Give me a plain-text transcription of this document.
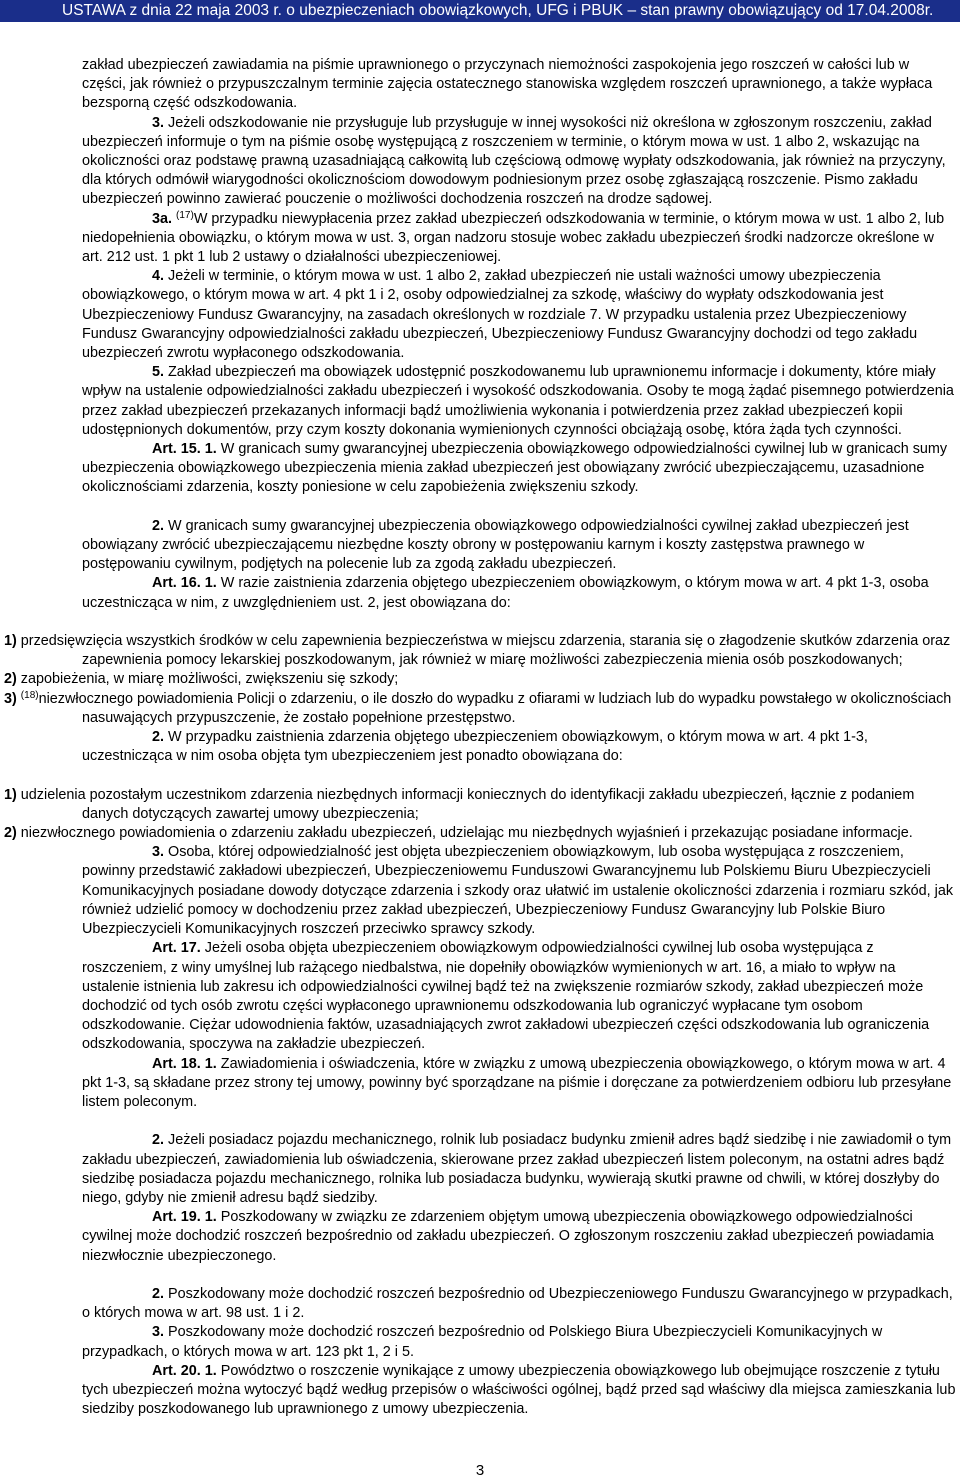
USTAWA z dnia 22 maja 2003 r. o ubezpieczeniach obowiązkowych, UFG i PBUK – stan prawny obowiązujący od 17.04.2008r.
zakład ubezpieczeń zawiadamia na piśmie uprawnionego o przyczynach niemożności zaspokojenia jego roszczeń w całości lub w części, jak również o przypuszczalnym terminie zajęcia ostatecznego stanowiska względem roszczeń uprawnionego, a także wypłaca bezsporną część odszkodowania.
3. Jeżeli odszkodowanie nie przysługuje lub przysługuje w innej wysokości niż określona w zgłoszonym roszczeniu, zakład ubezpieczeń informuje o tym na piśmie osobę występującą z roszczeniem w terminie, o którym mowa w ust. 1 albo 2, wskazując na okoliczności oraz podstawę prawną uzasadniającą całkowitą lub częściową odmowę wypłaty odszkodowania, jak również na przyczyny, dla których odmówił wiarygodności okolicznościom dowodowym podniesionym przez osobę zgłaszającą roszczenie. Pismo zakładu ubezpieczeń powinno zawierać pouczenie o możliwości dochodzenia roszczeń na drodze sądowej.
3a. $^{(17)}$W przypadku niewypłacenia przez zakład ubezpieczeń odszkodowania w terminie, o którym mowa w ust. 1 albo 2, lub niedopełnienia obowiązku, o którym mowa w ust. 3, organ nadzoru stosuje wobec zakładu ubezpieczeń środki nadzorcze określone w art. 212 ust. 1 pkt 1 lub 2 ustawy o działalności ubezpieczeniowej.
4. Jeżeli w terminie, o którym mowa w ust. 1 albo 2, zakład ubezpieczeń nie ustali ważności umowy ubezpieczenia obowiązkowego, o którym mowa w art. 4 pkt 1 i 2, osoby odpowiedzialnej za szkodę, właściwy do wypłaty odszkodowania jest Ubezpieczeniowy Fundusz Gwarancyjny, na zasadach określonych w rozdziale 7. W przypadku ustalenia przez Ubezpieczeniowy Fundusz Gwarancyjny odpowiedzialności zakładu ubezpieczeń, Ubezpieczeniowy Fundusz Gwarancyjny dochodzi od tego zakładu ubezpieczeń zwrotu wypłaconego odszkodowania.
5. Zakład ubezpieczeń ma obowiązek udostępnić poszkodowanemu lub uprawnionemu informacje i dokumenty, które miały wpływ na ustalenie odpowiedzialności zakładu ubezpieczeń i wysokość odszkodowania. Osoby te mogą żądać pisemnego potwierdzenia przez zakład ubezpieczeń przekazanych informacji bądź umożliwienia wykonania i potwierdzenia przez zakład ubezpieczeń kopii udostępnionych dokumentów, przy czym koszty dokonania wymienionych czynności obciążają osobę, która żąda tych czynności.
Art. 15. 1. W granicach sumy gwarancyjnej ubezpieczenia obowiązkowego odpowiedzialności cywilnej lub w granicach sumy ubezpieczenia obowiązkowego ubezpieczenia mienia zakład ubezpieczeń jest obowiązany zwrócić ubezpieczającemu, uzasadnione okolicznościami zdarzenia, koszty poniesione w celu zapobieżenia zwiększeniu szkody.
2. W granicach sumy gwarancyjnej ubezpieczenia obowiązkowego odpowiedzialności cywilnej zakład ubezpieczeń jest obowiązany zwrócić ubezpieczającemu niezbędne koszty obrony w postępowaniu karnym i koszty zastępstwa prawnego w postępowaniu cywilnym, podjętych na polecenie lub za zgodą zakładu ubezpieczeń.
Art. 16. 1. W razie zaistnienia zdarzenia objętego ubezpieczeniem obowiązkowym, o którym mowa w art. 4 pkt 1-3, osoba uczestnicząca w nim, z uwzględnieniem ust. 2, jest obowiązana do:
1) przedsięwzięcia wszystkich środków w celu zapewnienia bezpieczeństwa w miejscu zdarzenia, starania się o złagodzenie skutków zdarzenia oraz zapewnienia pomocy lekarskiej poszkodowanym, jak również w miarę możliwości zabezpieczenia mienia osób poszkodowanych;
2) zapobieżenia, w miarę możliwości, zwiększeniu się szkody;
3) $^{(18)}$niezwłocznego powiadomienia Policji o zdarzeniu, o ile doszło do wypadku z ofiarami w ludziach lub do wypadku powstałego w okolicznościach nasuwających przypuszczenie, że zostało popełnione przestępstwo.
2. W przypadku zaistnienia zdarzenia objętego ubezpieczeniem obowiązkowym, o którym mowa w art. 4 pkt 1-3, uczestnicząca w nim osoba objęta tym ubezpieczeniem jest ponadto obowiązana do:
1) udzielenia pozostałym uczestnikom zdarzenia niezbędnych informacji koniecznych do identyfikacji zakładu ubezpieczeń, łącznie z podaniem danych dotyczących zawartej umowy ubezpieczenia;
2) niezwłocznego powiadomienia o zdarzeniu zakładu ubezpieczeń, udzielając mu niezbędnych wyjaśnień i przekazując posiadane informacje.
3. Osoba, której odpowiedzialność jest objęta ubezpieczeniem obowiązkowym, lub osoba występująca z roszczeniem, powinny przedstawić zakładowi ubezpieczeń, Ubezpieczeniowemu Funduszowi Gwarancyjnemu lub Polskiemu Biuru Ubezpieczycieli Komunikacyjnych posiadane dowody dotyczące zdarzenia i szkody oraz ułatwić im ustalenie okoliczności zdarzenia i rozmiaru szkód, jak również udzielić pomocy w dochodzeniu przez zakład ubezpieczeń, Ubezpieczeniowy Fundusz Gwarancyjny lub Polskie Biuro Ubezpieczycieli Komunikacyjnych roszczeń przeciwko sprawcy szkody.
Art. 17. Jeżeli osoba objęta ubezpieczeniem obowiązkowym odpowiedzialności cywilnej lub osoba występująca z roszczeniem, z winy umyślnej lub rażącego niedbalstwa, nie dopełniły obowiązków wymienionych w art. 16, a miało to wpływ na ustalenie istnienia lub zakresu ich odpowiedzialności cywilnej bądź też na zwiększenie rozmiarów szkody, zakład ubezpieczeń może dochodzić od tych osób zwrotu części wypłaconego uprawnionemu odszkodowania lub ograniczyć wypłacane tym osobom odszkodowanie. Ciężar udowodnienia faktów, uzasadniających zwrot zakładowi ubezpieczeń części odszkodowania lub ograniczenia odszkodowania, spoczywa na zakładzie ubezpieczeń.
Art. 18. 1. Zawiadomienia i oświadczenia, które w związku z umową ubezpieczenia obowiązkowego, o którym mowa w art. 4 pkt 1-3, są składane przez strony tej umowy, powinny być sporządzane na piśmie i doręczane za potwierdzeniem odbioru lub przesyłane listem poleconym.
2. Jeżeli posiadacz pojazdu mechanicznego, rolnik lub posiadacz budynku zmienił adres bądź siedzibę i nie zawiadomił o tym zakładu ubezpieczeń, zawiadomienia lub oświadczenia, skierowane przez zakład ubezpieczeń listem poleconym, na ostatni adres bądź siedzibę posiadacza pojazdu mechanicznego, rolnika lub posiadacza budynku, wywierają skutki prawne od chwili, w której doszłyby do niego, gdyby nie zmienił adresu bądź siedziby.
Art. 19. 1. Poszkodowany w związku ze zdarzeniem objętym umową ubezpieczenia obowiązkowego odpowiedzialności cywilnej może dochodzić roszczeń bezpośrednio od zakładu ubezpieczeń. O zgłoszonym roszczeniu zakład ubezpieczeń powiadamia niezwłocznie ubezpieczonego.
2. Poszkodowany może dochodzić roszczeń bezpośrednio od Ubezpieczeniowego Funduszu Gwarancyjnego w przypadkach, o których mowa w art. 98 ust. 1 i 2.
3. Poszkodowany może dochodzić roszczeń bezpośrednio od Polskiego Biura Ubezpieczycieli Komunikacyjnych w przypadkach, o których mowa w art. 123 pkt 1, 2 i 5.
Art. 20. 1. Powództwo o roszczenie wynikające z umowy ubezpieczenia obowiązkowego lub obejmujące roszczenie z tytułu tych ubezpieczeń można wytoczyć bądź według przepisów o właściwości ogólnej, bądź przed sąd właściwy dla miejsca zamieszkania lub siedziby poszkodowanego lub uprawnionego z umowy ubezpieczenia.
3
